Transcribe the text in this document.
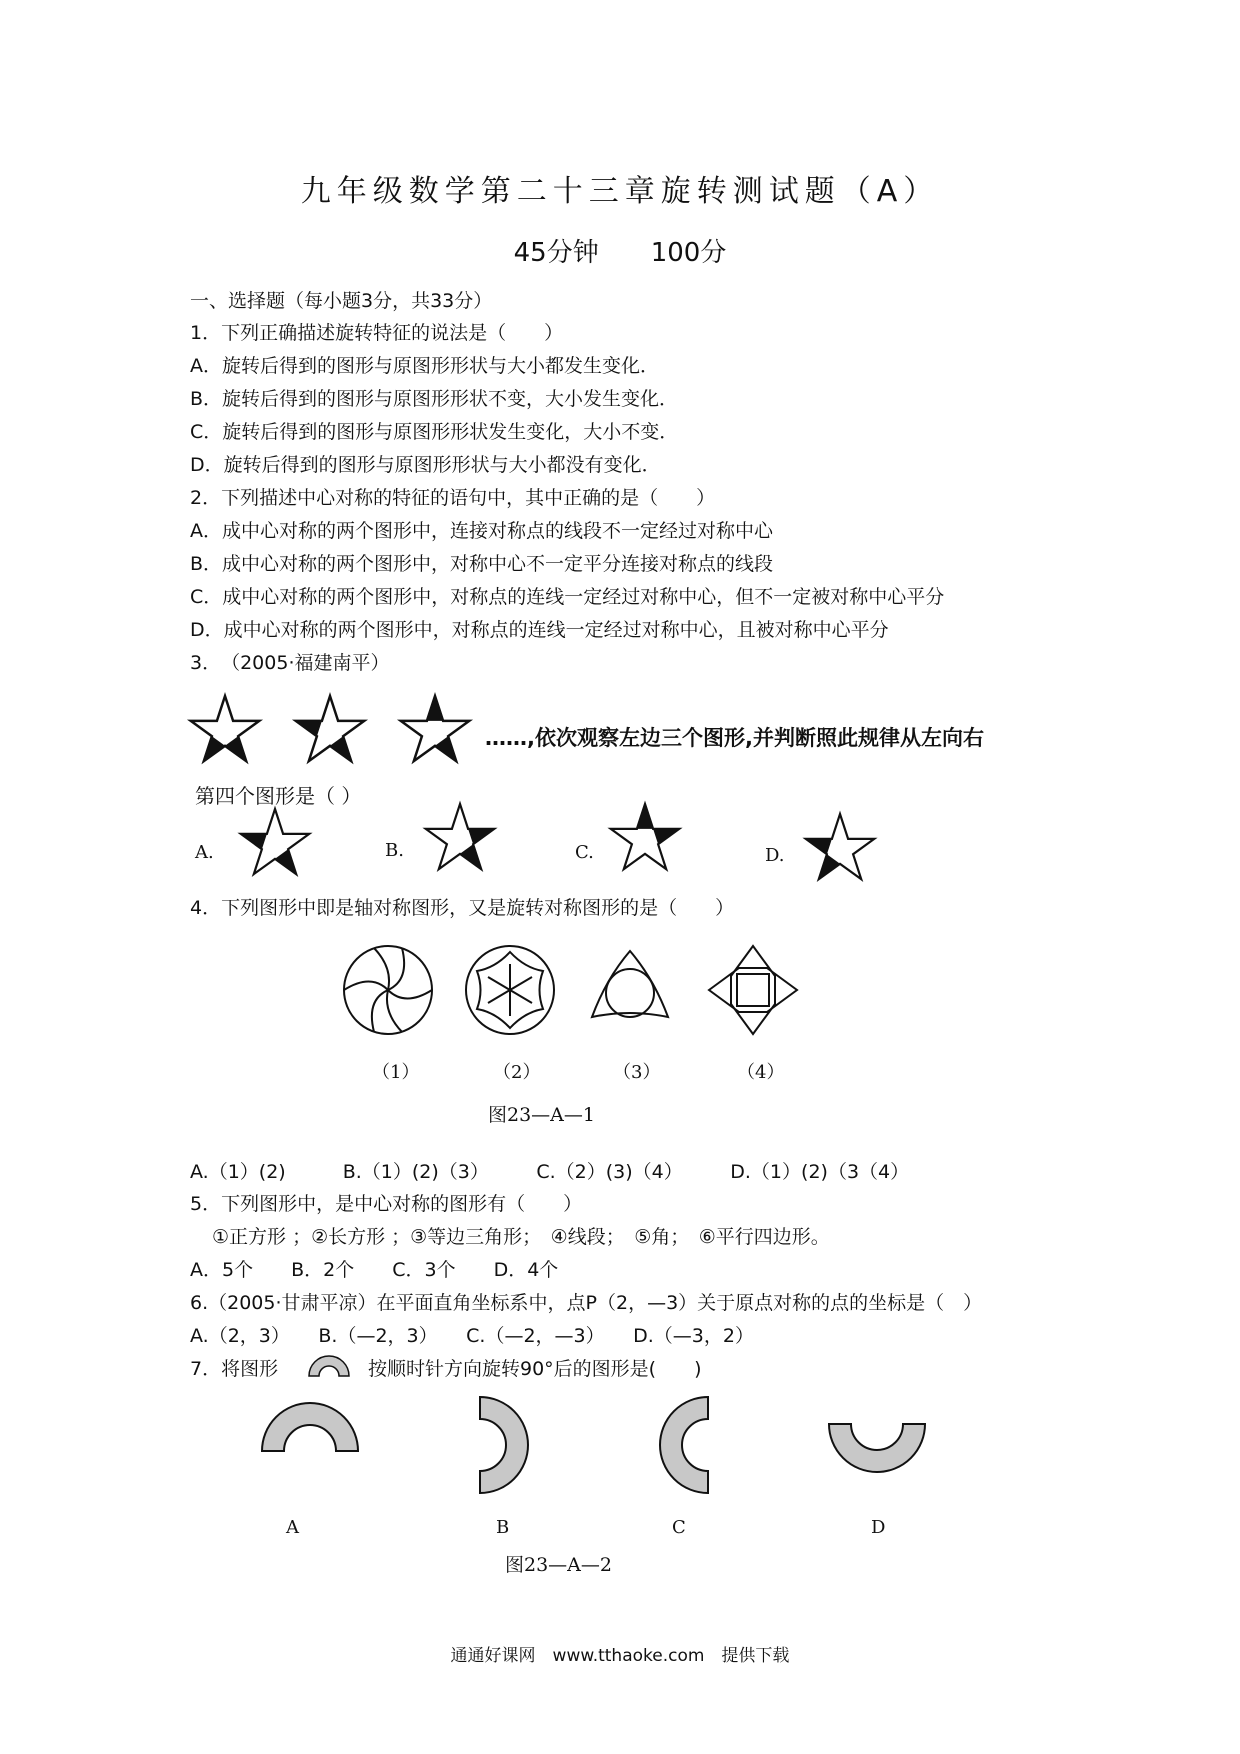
九年级数学第二十三章旋转测试题（A）
45分钟　　100分
一、选择题（每小题3分，共33分）
1．下列正确描述旋转特征的说法是（　　）
A．旋转后得到的图形与原图形形状与大小都发生变化．
B．旋转后得到的图形与原图形形状不变，大小发生变化．
C．旋转后得到的图形与原图形形状发生变化，大小不变．
D．旋转后得到的图形与原图形形状与大小都没有变化．
2．下列描述中心对称的特征的语句中，其中正确的是（　　）
A．成中心对称的两个图形中，连接对称点的线段不一定经过对称中心
B．成中心对称的两个图形中，对称中心不一定平分连接对称点的线段
C．成中心对称的两个图形中，对称点的连线一定经过对称中心，但不一定被对称中心平分
D．成中心对称的两个图形中，对称点的连线一定经过对称中心，且被对称中心平分
3．　（2005·福建南平）
……,依次观察左边三个图形,并判断照此规律从左向右
第四个图形是（ ）
A.	B.	C.	D.
4．下列图形中即是轴对称图形，又是旋转对称图形的是（　　）
（1）	（2）	（3）	（4）
图23—A—1
A.（1）(2)　　　B.（1）(2)（3）　　　C.（2）(3)（4）　　　D.（1）(2)（3（4）
5．下列图形中，是中心对称的图形有（　　）
①正方形 ；②长方形 ；③等边三角形；　④线段；　⑤角；　⑥平行四边形。
A．5个　　B．2个　　C．3个　　D．4个
6.（2005·甘肃平凉）在平面直角坐标系中，点P（2，—3）关于原点对称的点的坐标是（　）
A.（2，3）　　B.（—2，3）　　C.（—2，—3）　　D.（—3，2）
7．将图形	按顺时针方向旋转90°后的图形是(　　)
A	B	C	D
图23—A—2
通通好课网　www.tthaoke.com　提供下载
